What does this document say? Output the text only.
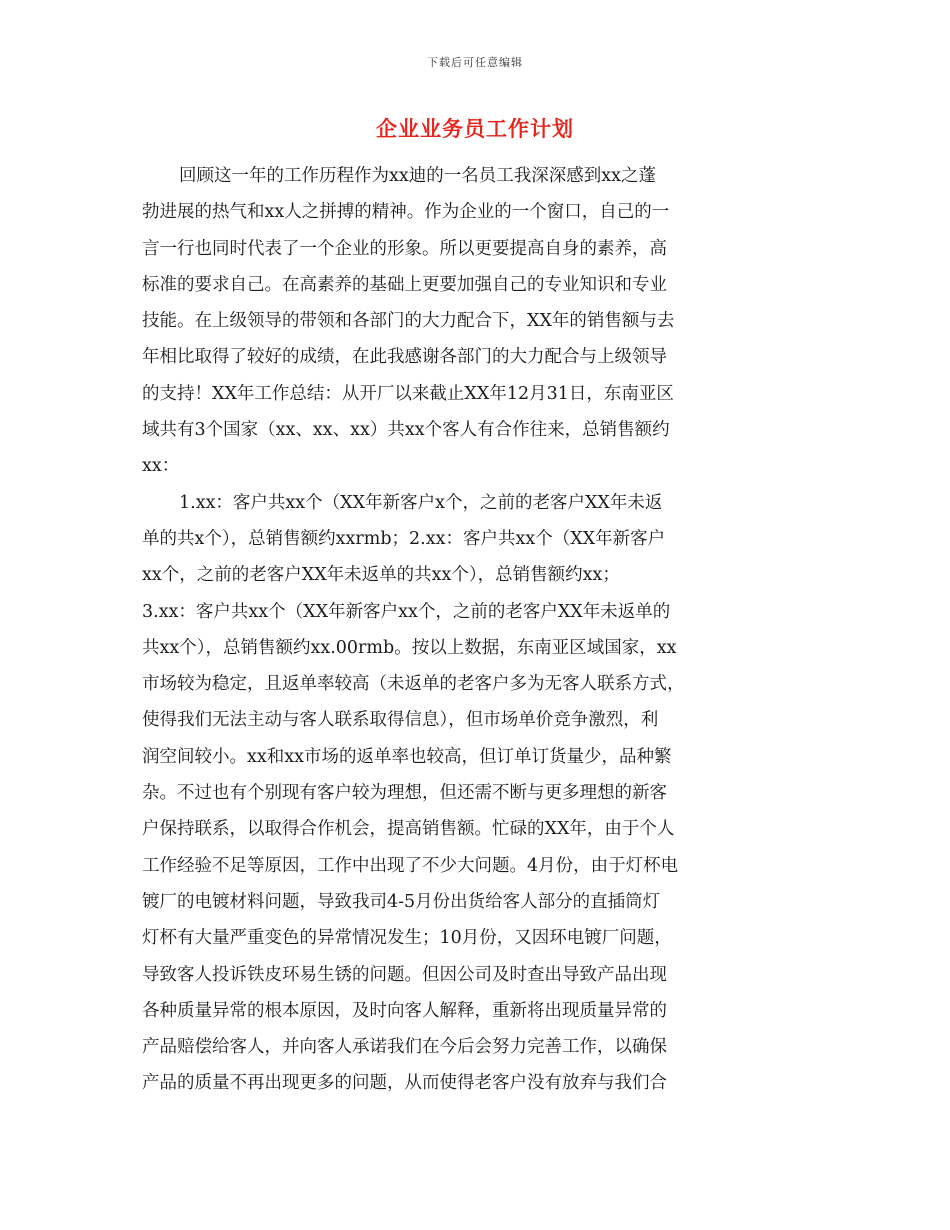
下载后可任意编辑
企业业务员工作计划

回顾这一年的工作历程作为xx迪的一名员工我深深感到xx之蓬
勃进展的热气和xx人之拼搏的精神。作为企业的一个窗口，自己的一
言一行也同时代表了一个企业的形象。所以更要提高自身的素养，高
标准的要求自己。在高素养的基础上更要加强自己的专业知识和专业
技能。在上级领导的带领和各部门的大力配合下，XX年的销售额与去
年相比取得了较好的成绩，在此我感谢各部门的大力配合与上级领导
的支持！XX年工作总结：从开厂以来截止XX年12月31日，东南亚区
域共有3个国家（xx、xx、xx）共xx个客人有合作往来，总销售额约
xx：

1.xx：客户共xx个（XX年新客户x个，之前的老客户XX年未返
单的共x个），总销售额约xxrmb；2.xx：客户共xx个（XX年新客户
xx个，之前的老客户XX年未返单的共xx个），总销售额约xx；
3.xx：客户共xx个（XX年新客户xx个，之前的老客户XX年未返单的
共xx个），总销售额约xx.00rmb。按以上数据，东南亚区域国家，xx
市场较为稳定，且返单率较高（未返单的老客户多为无客人联系方式，
使得我们无法主动与客人联系取得信息），但市场单价竞争激烈，利
润空间较小。xx和xx市场的返单率也较高，但订单订货量少，品种繁
杂。不过也有个别现有客户较为理想，但还需不断与更多理想的新客
户保持联系，以取得合作机会，提高销售额。忙碌的XX年，由于个人
工作经验不足等原因，工作中出现了不少大问题。4月份，由于灯杯电
镀厂的电镀材料问题，导致我司4-5月份出货给客人部分的直插筒灯
灯杯有大量严重变色的异常情况发生；10月份，又因环电镀厂问题，
导致客人投诉铁皮环易生锈的问题。但因公司及时查出导致产品出现
各种质量异常的根本原因，及时向客人解释，重新将出现质量异常的
产品赔偿给客人，并向客人承诺我们在今后会努力完善工作，以确保
产品的质量不再出现更多的问题，从而使得老客户没有放弃与我们合
